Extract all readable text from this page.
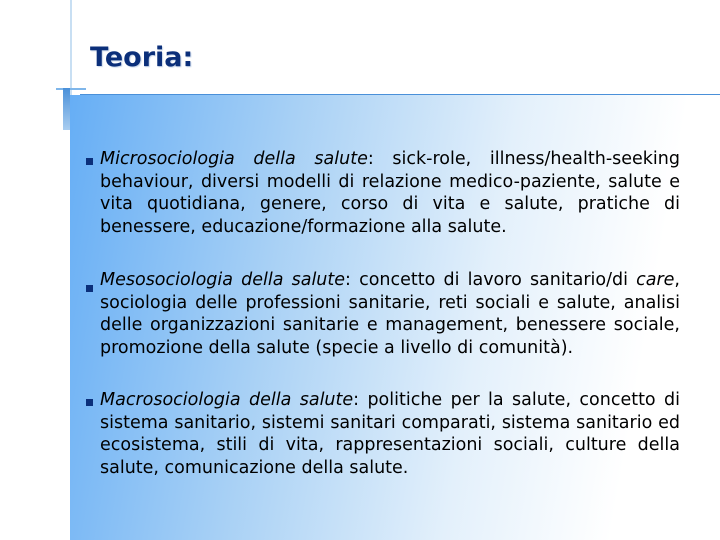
Teoria:
Microsociologia della salute: sick-role, illness/health-seeking behaviour, diversi modelli di relazione medico-paziente, salute e vita quotidiana, genere, corso di vita e salute, pratiche di benessere, educazione/formazione alla salute.
Mesosociologia della salute: concetto di lavoro sanitario/di care, sociologia delle professioni sanitarie, reti sociali e salute, analisi delle organizzazioni sanitarie e management, benessere sociale, promozione della salute (specie a livello di comunità).
Macrosociologia della salute: politiche per la salute, concetto di sistema sanitario, sistemi sanitari comparati, sistema sanitario ed ecosistema, stili di vita, rappresentazioni sociali, culture della salute, comunicazione della salute.
